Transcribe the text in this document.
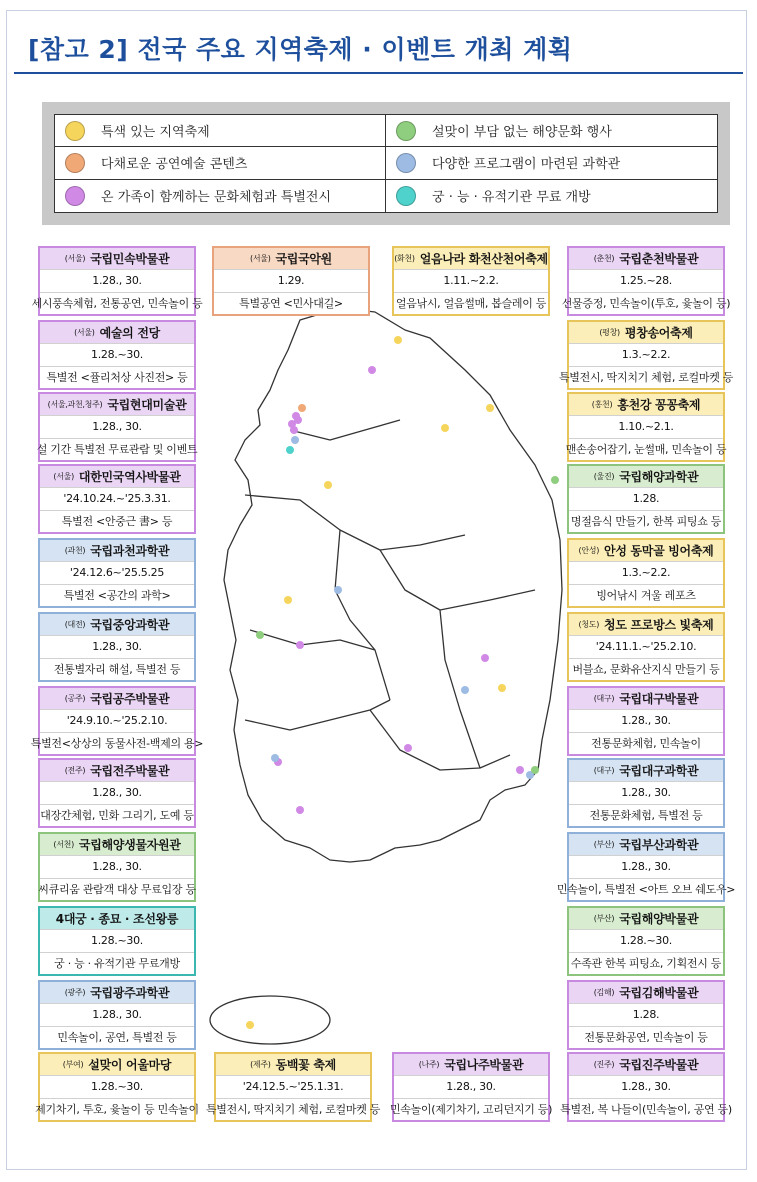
[참고 2] 전국 주요 지역축제 · 이벤트 개최 계획
특색 있는 지역축제	설맞이 부담 없는 해양문화 행사
다채로운 공연예술 콘텐츠	다양한 프로그램이 마련된 과학관
온 가족이 함께하는 문화체험과 특별전시	궁 · 능 · 유적기관 무료 개방
(서울) 국립민속박물관
1.28., 30.
세시풍속체험, 전통공연, 민속놀이 등
(서울) 국립국악원
1.29.
특별공연 <민사대길>
(화천) 얼음나라 화천산천어축제
1.11.~2.2.
얼음낚시, 얼음썰매, 봅슬레이 등
(춘천) 국립춘천박물관
1.25.~28.
선물증정, 민속놀이(투호, 윷놀이 등)
(서울) 예술의 전당
1.28.~30.
특별전 <퓰리처상 사진전> 등
(평창) 평창송어축제
1.3.~2.2.
특별전시, 딱지치기 체험, 로컬마켓 등
(서울,과천,청주) 국립현대미술관
1.28., 30.
설 기간 특별전 무료관람 및 이벤트
(홍천) 홍천강 꽁꽁축제
1.10.~2.1.
맨손송어잡기, 눈썰매, 민속놀이 등
(서울) 대한민국역사박물관
'24.10.24.~'25.3.31.
특별전 <안중근 書> 등
(울진) 국립해양과학관
1.28.
명절음식 만들기, 한복 피팅쇼 등
(과천) 국립과천과학관
'24.12.6~'25.5.25
특별전 <공간의 과학>
(안성) 안성 동막골 빙어축제
1.3.~2.2.
빙어낚시 겨울 레포츠
(대전) 국립중앙과학관
1.28., 30.
전통별자리 해설, 특별전 등
(청도) 청도 프로방스 빛축제
'24.11.1.~'25.2.10.
버블쇼, 문화유산지식 만들기 등
(공주) 국립공주박물관
'24.9.10.~'25.2.10.
특별전<상상의 동물사전-백제의 용>
(대구) 국립대구박물관
1.28., 30.
전통문화체험, 민속놀이
(전주) 국립전주박물관
1.28., 30.
대장간체험, 민화 그리기, 도예 등
(대구) 국립대구과학관
1.28., 30.
전통문화체험, 특별전 등
(서천) 국립해양생물자원관
1.28., 30.
씨큐리움 관람객 대상 무료입장 등
(부산) 국립부산과학관
1.28., 30.
민속놀이, 특별전 <아트 오브 쉐도우>
4대궁 · 종묘 · 조선왕릉
1.28.~30.
궁 · 능 · 유적기관 무료개방
(부산) 국립해양박물관
1.28.~30.
수족관 한복 피팅쇼, 기획전시 등
(광주) 국립광주과학관
1.28., 30.
민속놀이, 공연, 특별전 등
(김해) 국립김해박물관
1.28.
전통문화공연, 민속놀이 등
(부여) 설맞이 어울마당
1.28.~30.
제기차기, 투호, 윷놀이 등 민속놀이
(제주) 동백꽃 축제
'24.12.5.~'25.1.31.
특별전시, 딱지치기 체험, 로컬마켓 등
(나주) 국립나주박물관
1.28., 30.
민속놀이(제기차기, 고리던지기 등)
(진주) 국립진주박물관
1.28., 30.
특별전, 복 나들이(민속놀이, 공연 등)
